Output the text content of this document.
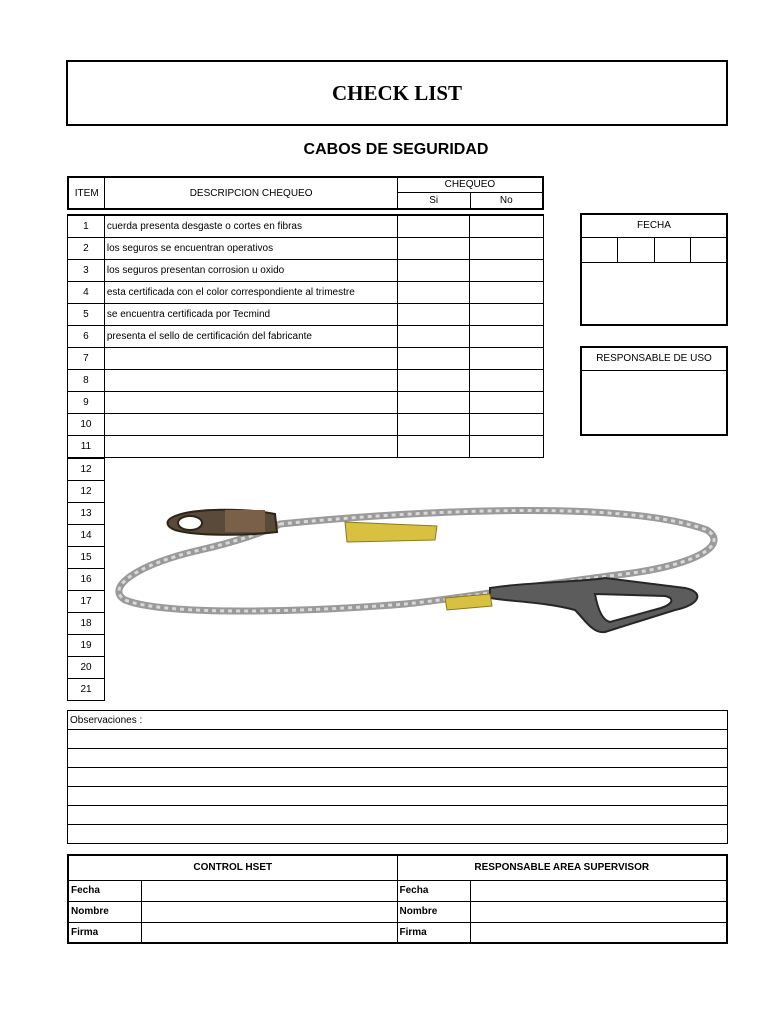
CHECK LIST
CABOS DE SEGURIDAD
ITEM	DESCRIPCION CHEQUEO	CHEQUEO	
		Si	No
1	cuerda presenta desgaste o cortes en fibras		
2	los seguros se encuentran operativos		
3	los seguros presentan corrosion u oxido		
4	esta certificada con el color correspondiente al trimestre		
5	se encuentra certificada por Tecmind		
6	presenta el sello de certificación del fabricante		
7			
8			
9			
10			
11			
12
12
13
14
15
16
17
18
19
20
21
FECHA
RESPONSABLE DE USO
Observaciones :

CONTROL HSET		RESPONSABLE AREA SUPERVISOR	
Fecha		Fecha	
Nombre		Nombre	
Firma		Firma	
